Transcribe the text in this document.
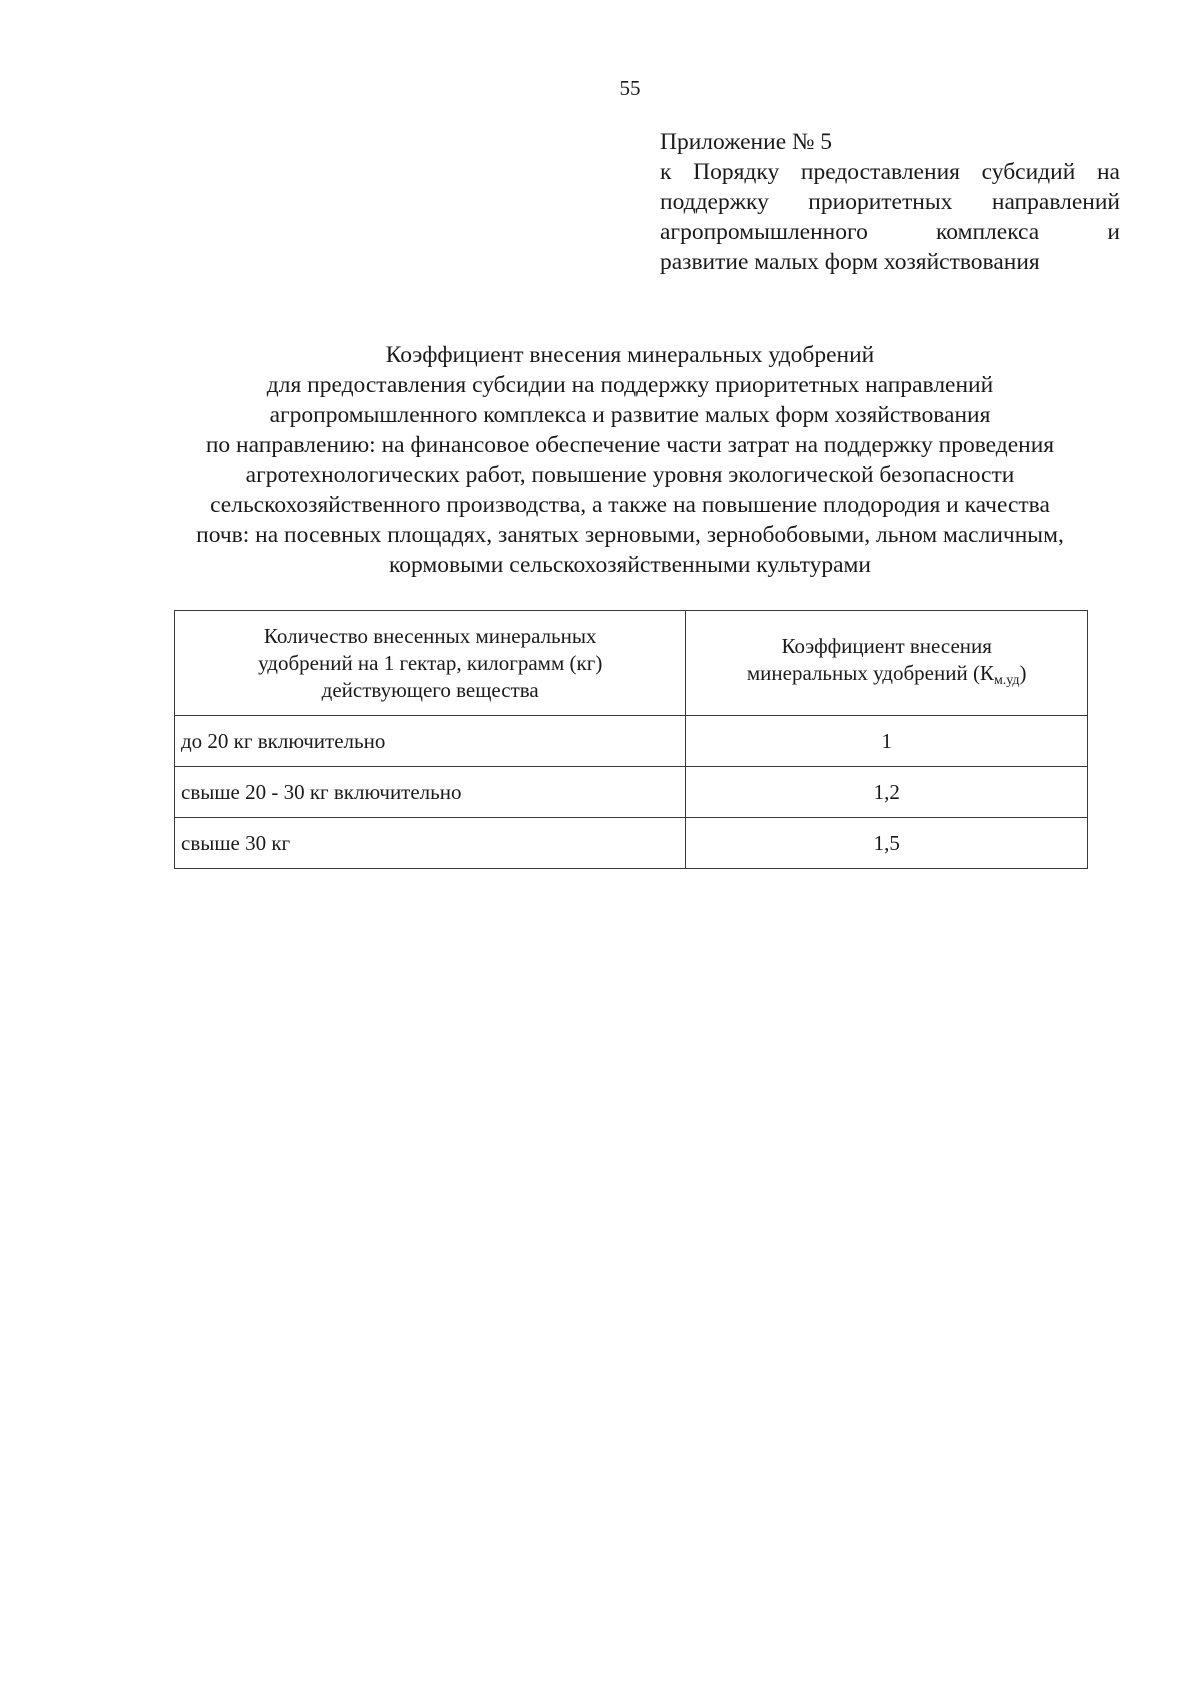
55
Приложение № 5
к Порядку предоставления субсидий на
поддержку приоритетных направлений
агропромышленного комплекса и
развитие малых форм хозяйствования
Коэффициент внесения минеральных удобрений
для предоставления субсидии на поддержку приоритетных направлений
агропромышленного комплекса и развитие малых форм хозяйствования
по направлению: на финансовое обеспечение части затрат на поддержку проведения
агротехнологических работ, повышение уровня экологической безопасности
сельскохозяйственного производства, а также на повышение плодородия и качества
почв: на посевных площадях, занятых зерновыми, зернобобовыми, льном масличным,
кормовыми сельскохозяйственными культурами
Количество внесенных минеральных
удобрений на 1 гектар, килограмм (кг)
действующего вещества	Коэффициент внесения
минеральных удобрений $(К_{м.уд})$

до 20 кг включительно	1
свыше 20 - 30 кг включительно	1,2
свыше 30 кг	1,5
